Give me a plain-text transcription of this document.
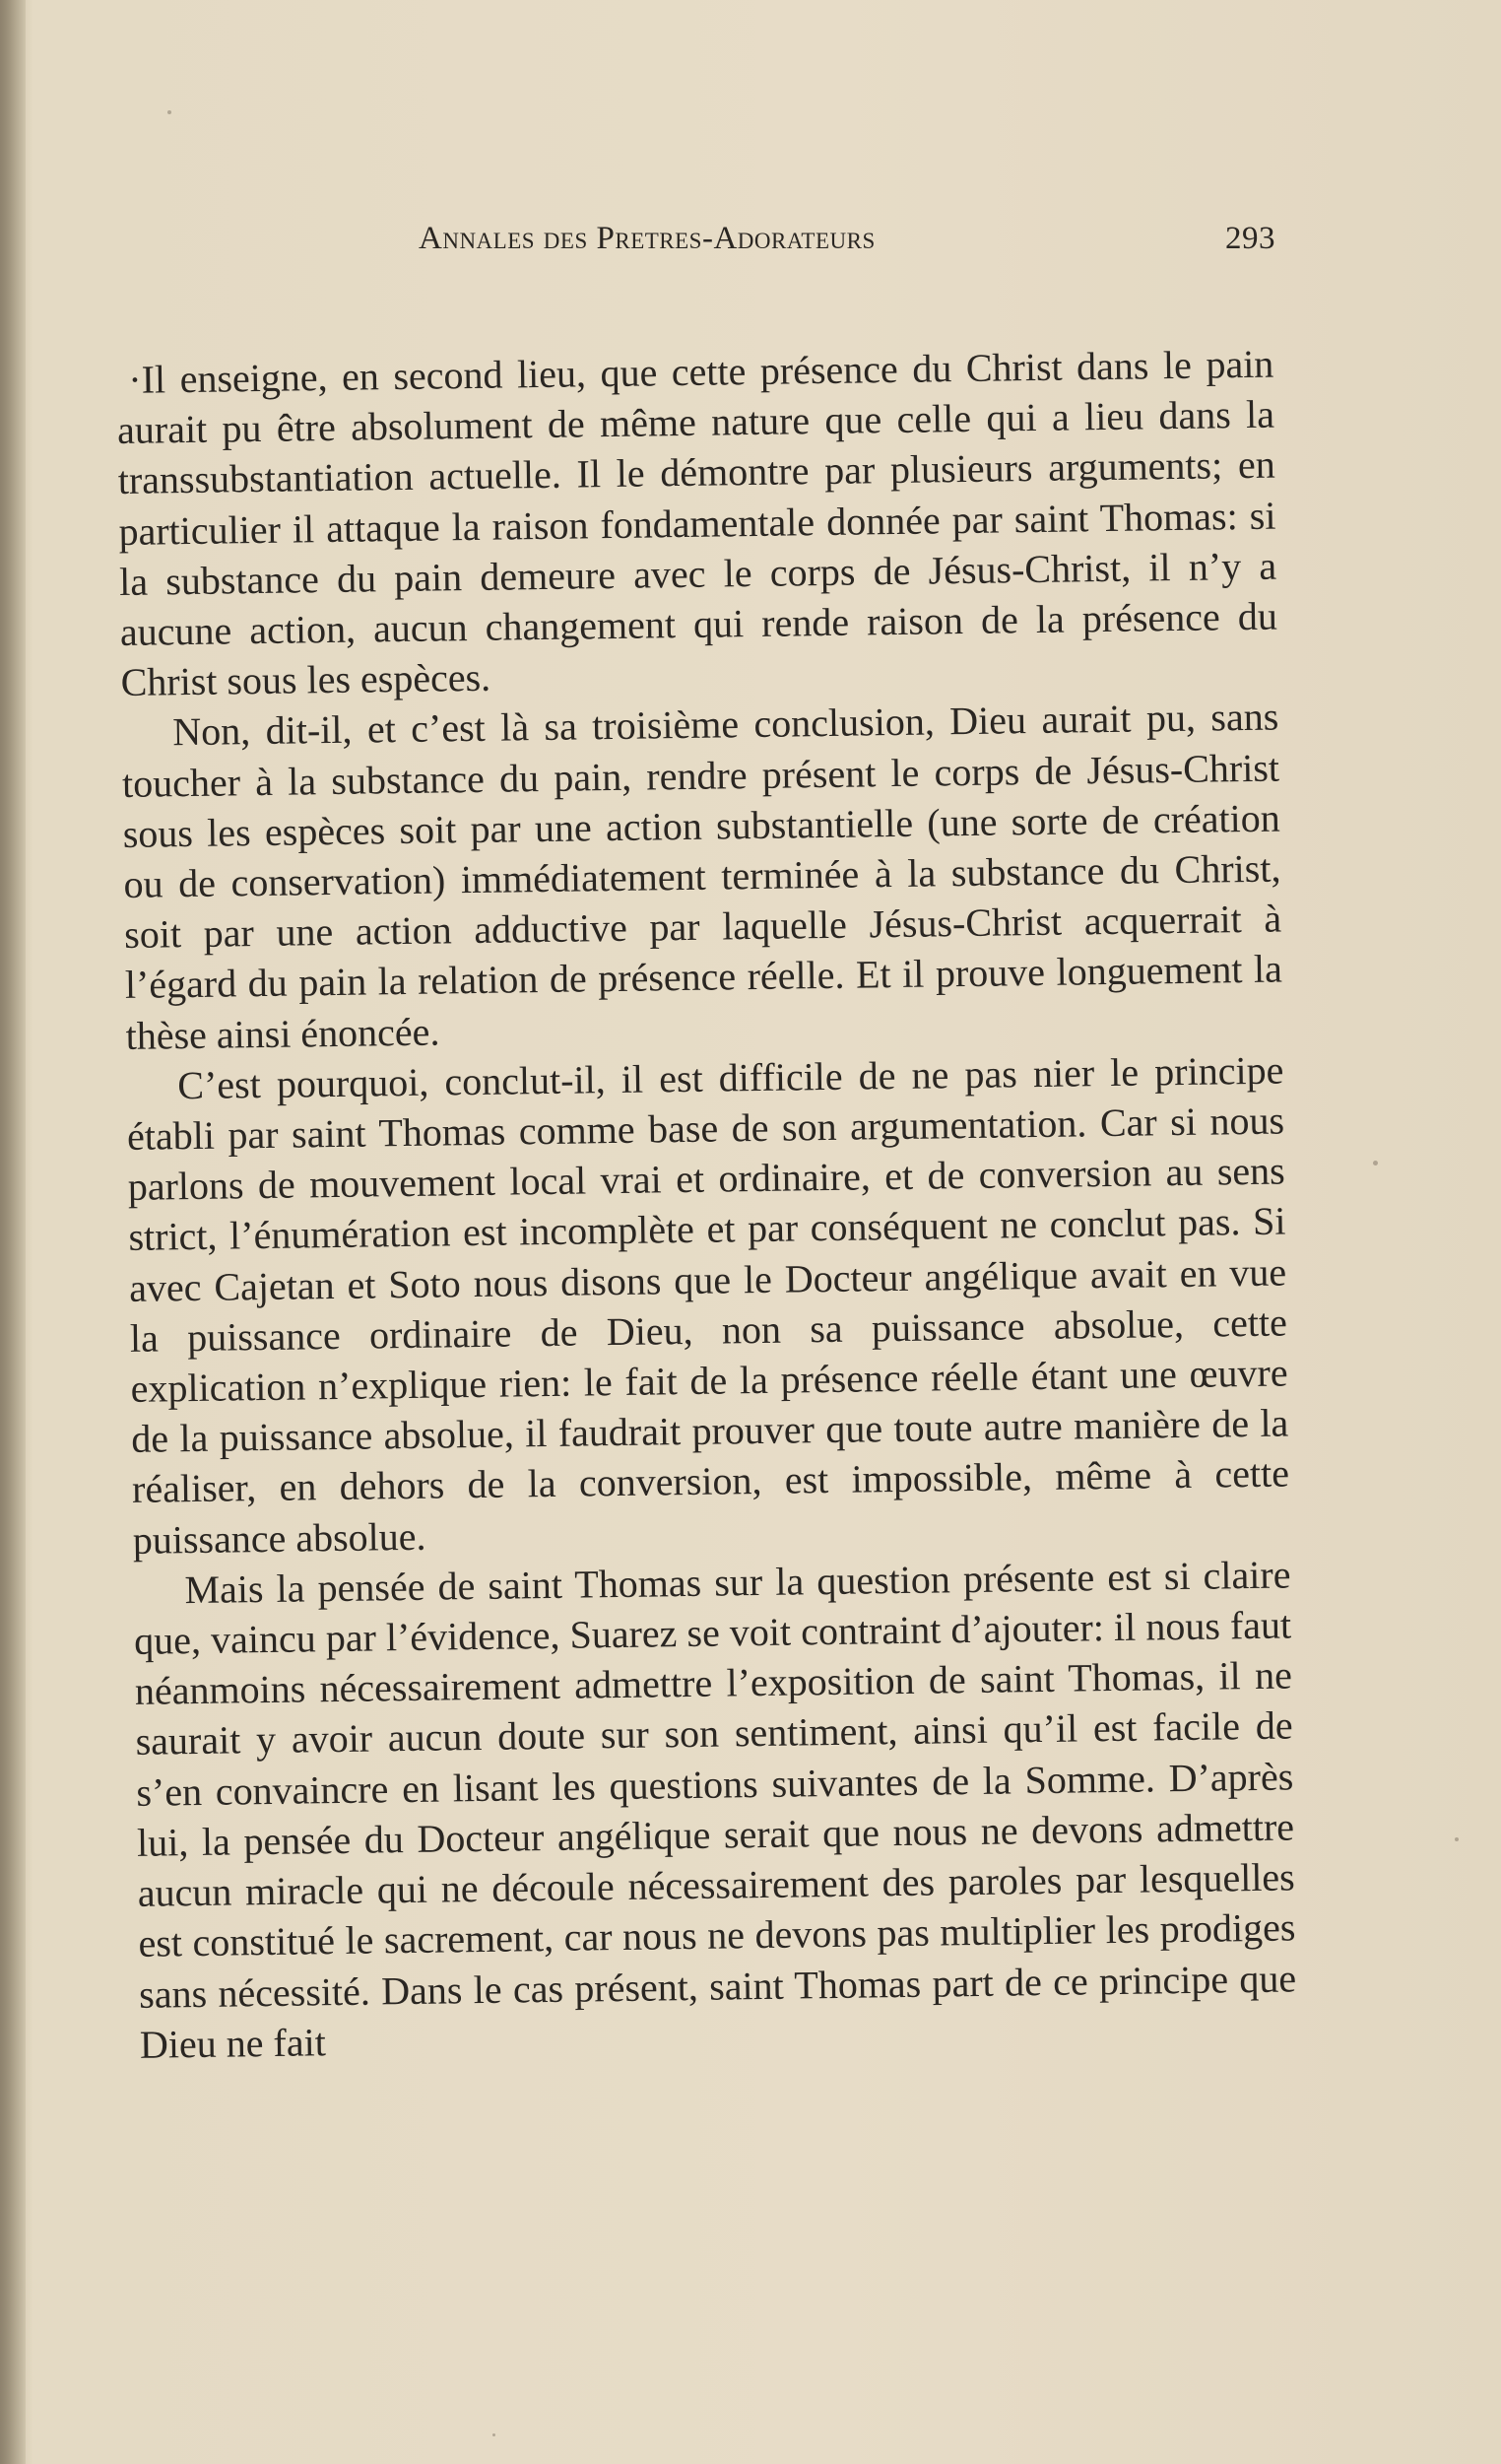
Annales des Pretres-Adorateurs	293

·Il enseigne, en second lieu, que cette présence du Christ dans le pain aurait pu être absolument de même nature que celle qui a lieu dans la transsubstantiation actuelle. Il le démontre par plusieurs arguments; en particulier il attaque la raison fondamentale donnée par saint Thomas: si la substance du pain demeure avec le corps de Jésus-Christ, il n’y a aucune action, aucun changement qui rende raison de la présence du Christ sous les espèces.

Non, dit-il, et c’est là sa troisième conclusion, Dieu aurait pu, sans toucher à la substance du pain, rendre présent le corps de Jésus-Christ sous les espèces soit par une action substantielle (une sorte de création ou de conservation) immédiatement terminée à la substance du Christ, soit par une action adductive par laquelle Jésus-Christ acquerrait à l’égard du pain la relation de présence réelle. Et il prouve longuement la thèse ainsi énoncée.

C’est pourquoi, conclut-il, il est difficile de ne pas nier le principe établi par saint Thomas comme base de son argumentation. Car si nous parlons de mouvement local vrai et ordinaire, et de conversion au sens strict, l’énumération est incomplète et par conséquent ne conclut pas. Si avec Cajetan et Soto nous disons que le Docteur angélique avait en vue la puissance ordinaire de Dieu, non sa puissance absolue, cette explication n’explique rien: le fait de la présence réelle étant une œuvre de la puissance absolue, il faudrait prouver que toute autre manière de la réaliser, en dehors de la conversion, est impossible, même à cette puissance absolue.

Mais la pensée de saint Thomas sur la question présente est si claire que, vaincu par l’évidence, Suarez se voit contraint d’ajouter: il nous faut néanmoins nécessairement admettre l’exposition de saint Thomas, il ne saurait y avoir aucun doute sur son sentiment, ainsi qu’il est facile de s’en convaincre en lisant les questions suivantes de la Somme. D’après lui, la pensée du Docteur angélique serait que nous ne devons admettre aucun miracle qui ne découle nécessairement des paroles par lesquelles est constitué le sacrement, car nous ne devons pas multiplier les prodiges sans nécessité. Dans le cas présent, saint Thomas part de ce principe que Dieu ne fait
